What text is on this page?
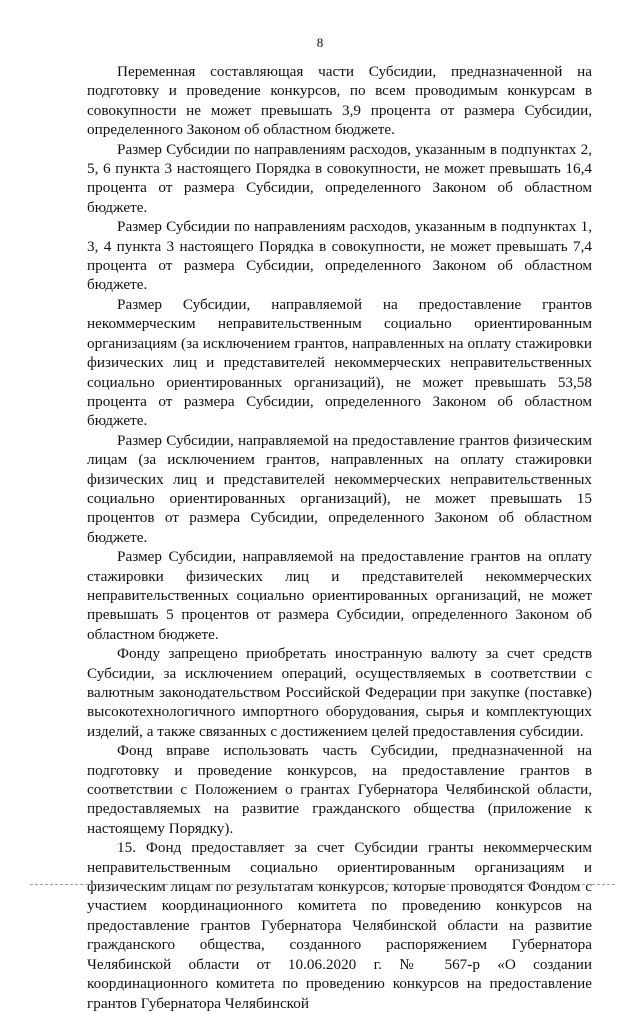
8

Переменная составляющая части Субсидии, предназначенной на подготовку и проведение конкурсов, по всем проводимым конкурсам в совокупности не может превышать 3,9 процента от размера Субсидии, определенного Законом об областном бюджете.

Размер Субсидии по направлениям расходов, указанным в подпунктах 2, 5, 6 пункта 3 настоящего Порядка в совокупности, не может превышать 16,4 процента от размера Субсидии, определенного Законом об областном бюджете.

Размер Субсидии по направлениям расходов, указанным в подпунктах 1, 3, 4 пункта 3 настоящего Порядка в совокупности, не может превышать 7,4 процента от размера Субсидии, определенного Законом об областном бюджете.

Размер Субсидии, направляемой на предоставление грантов некоммерческим неправительственным социально ориентированным организациям (за исключением грантов, направленных на оплату стажировки физических лиц и представителей некоммерческих неправительственных социально ориентированных организаций), не может превышать 53,58 процента от размера Субсидии, определенного Законом об областном бюджете.

Размер Субсидии, направляемой на предоставление грантов физическим лицам (за исключением грантов, направленных на оплату стажировки физических лиц и представителей некоммерческих неправительственных социально ориентированных организаций), не может превышать 15 процентов от размера Субсидии, определенного Законом об областном бюджете.

Размер Субсидии, направляемой на предоставление грантов на оплату стажировки физических лиц и представителей некоммерческих неправительственных социально ориентированных организаций, не может превышать 5 процентов от размера Субсидии, определенного Законом об областном бюджете.

Фонду запрещено приобретать иностранную валюту за счет средств Субсидии, за исключением операций, осуществляемых в соответствии с валютным законодательством Российской Федерации при закупке (поставке) высокотехнологичного импортного оборудования, сырья и комплектующих изделий, а также связанных с достижением целей предоставления субсидии.

Фонд вправе использовать часть Субсидии, предназначенной на подготовку и проведение конкурсов, на предоставление грантов в соответствии с Положением о грантах Губернатора Челябинской области, предоставляемых на развитие гражданского общества (приложение к настоящему Порядку).

15. Фонд предоставляет за счет Субсидии гранты некоммерческим неправительственным социально ориентированным организациям и физическим лицам по результатам конкурсов, которые проводятся Фондом с участием координационного комитета по проведению конкурсов на предоставление грантов Губернатора Челябинской области на развитие гражданского общества, созданного распоряжением Губернатора Челябинской области от 10.06.2020 г. № 567-р «О создании координационного комитета по проведению конкурсов на предоставление грантов Губернатора Челябинской
